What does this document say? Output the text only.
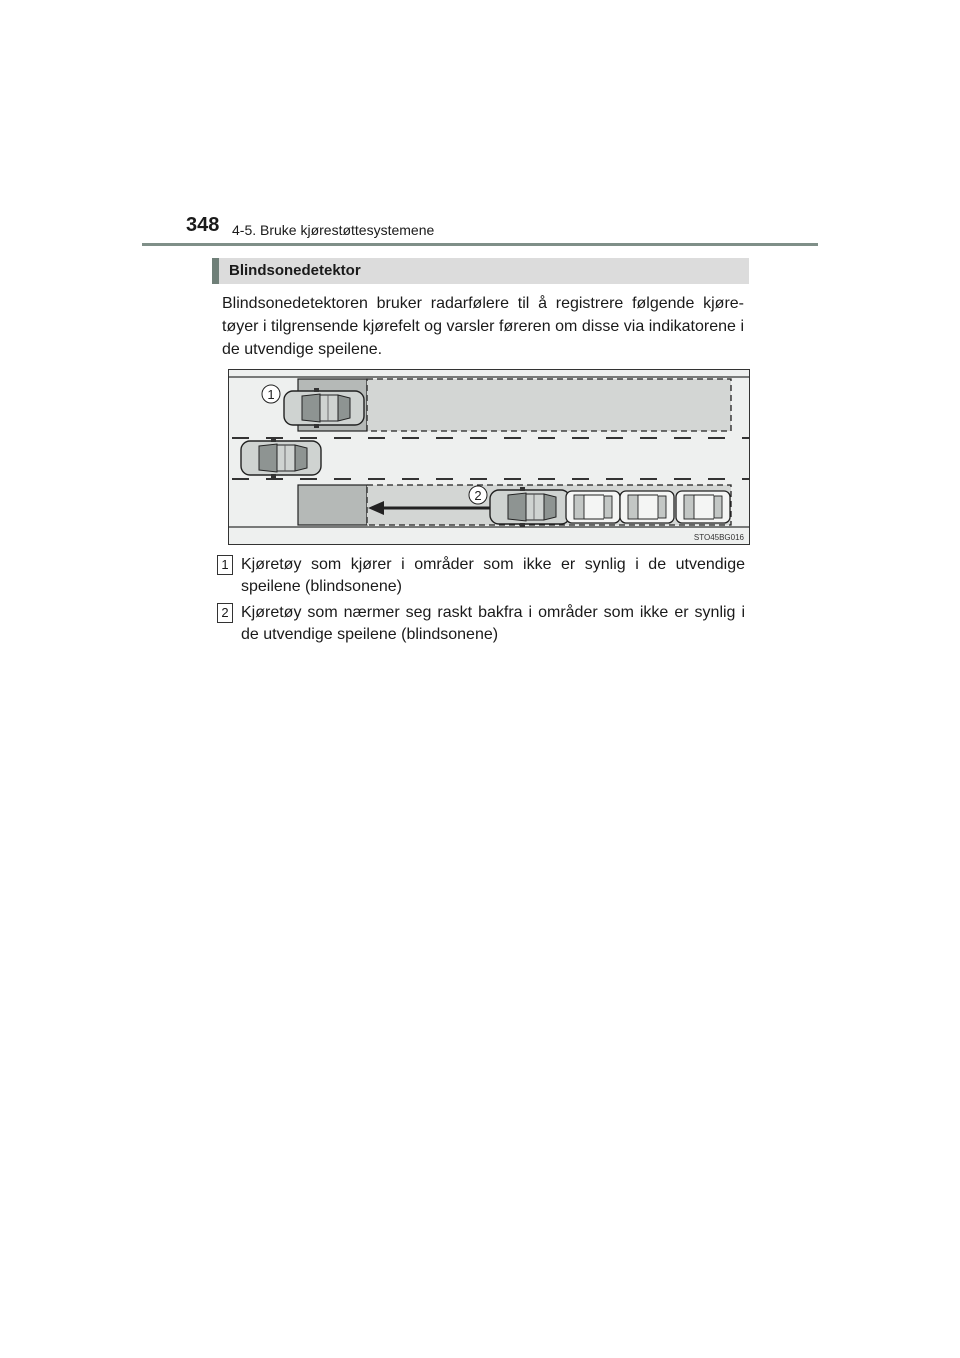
348 4-5. Bruke kjørestøttesystemene
Blindsonedetektor

Blindsonedetektoren bruker radarfølere til å registrere følgende kjøretøyer i tilgrensende kjørefelt og varsler føreren om disse via indikatorene i de utvendige speilene.

1
2
STO45BG016
1 Kjøretøy som kjører i områder som ikke er synlig i de utvendige speilene (blindsonene)

2 Kjøretøy som nærmer seg raskt bakfra i områder som ikke er synlig i de utvendige speilene (blindsonene)
